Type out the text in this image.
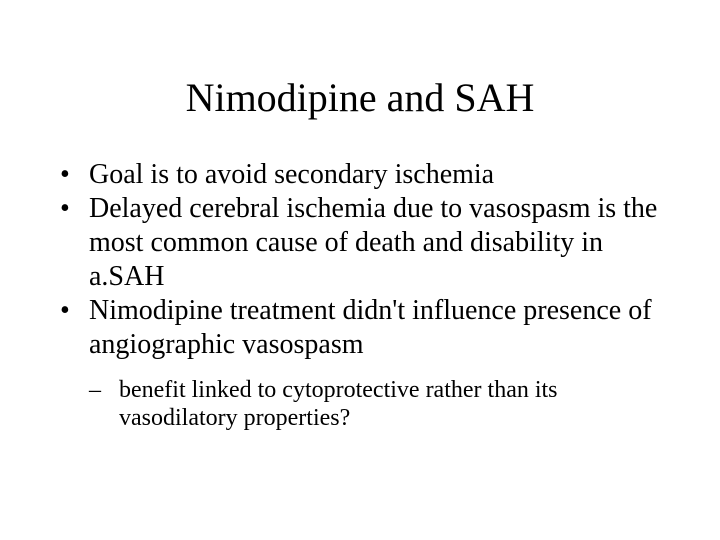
Nimodipine and SAH
• Goal is to avoid secondary ischemia
• Delayed cerebral ischemia due to vasospasm is the most common cause of death and disability in a.SAH
• Nimodipine treatment didn't influence presence of angiographic vasospasm
– benefit linked to cytoprotective rather than its vasodilatory properties?
